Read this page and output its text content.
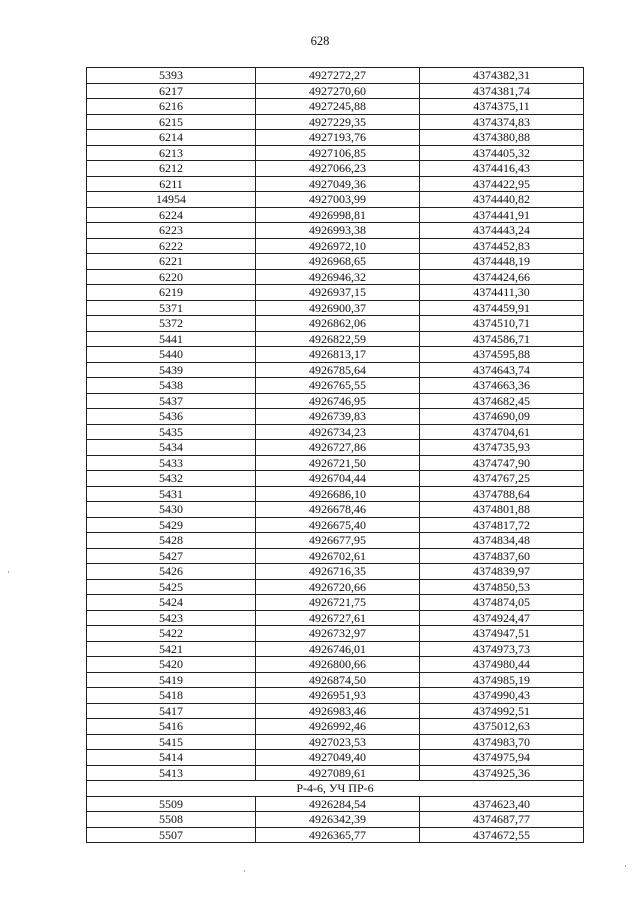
628
5393	4927272,27	4374382,31
6217	4927270,60	4374381,74
6216	4927245,88	4374375,11
6215	4927229,35	4374374,83
6214	4927193,76	4374380,88
6213	4927106,85	4374405,32
6212	4927066,23	4374416,43
6211	4927049,36	4374422,95
14954	4927003,99	4374440,82
6224	4926998,81	4374441,91
6223	4926993,38	4374443,24
6222	4926972,10	4374452,83
6221	4926968,65	4374448,19
6220	4926946,32	4374424,66
6219	4926937,15	4374411,30
5371	4926900,37	4374459,91
5372	4926862,06	4374510,71
5441	4926822,59	4374586,71
5440	4926813,17	4374595,88
5439	4926785,64	4374643,74
5438	4926765,55	4374663,36
5437	4926746,95	4374682,45
5436	4926739,83	4374690,09
5435	4926734,23	4374704,61
5434	4926727,86	4374735,93
5433	4926721,50	4374747,90
5432	4926704,44	4374767,25
5431	4926686,10	4374788,64
5430	4926678,46	4374801,88
5429	4926675,40	4374817,72
5428	4926677,95	4374834,48
5427	4926702,61	4374837,60
5426	4926716,35	4374839,97
5425	4926720,66	4374850,53
5424	4926721,75	4374874,05
5423	4926727,61	4374924,47
5422	4926732,97	4374947,51
5421	4926746,01	4374973,73
5420	4926800,66	4374980,44
5419	4926874,50	4374985,19
5418	4926951,93	4374990,43
5417	4926983,46	4374992,51
5416	4926992,46	4375012,63
5415	4927023,53	4374983,70
5414	4927049,40	4374975,94
5413	4927089,61	4374925,36
Р-4-6, УЧ ПР-6		
5509	4926284,54	4374623,40
5508	4926342,39	4374687,77
5507	4926365,77	4374672,55
·
·	·
